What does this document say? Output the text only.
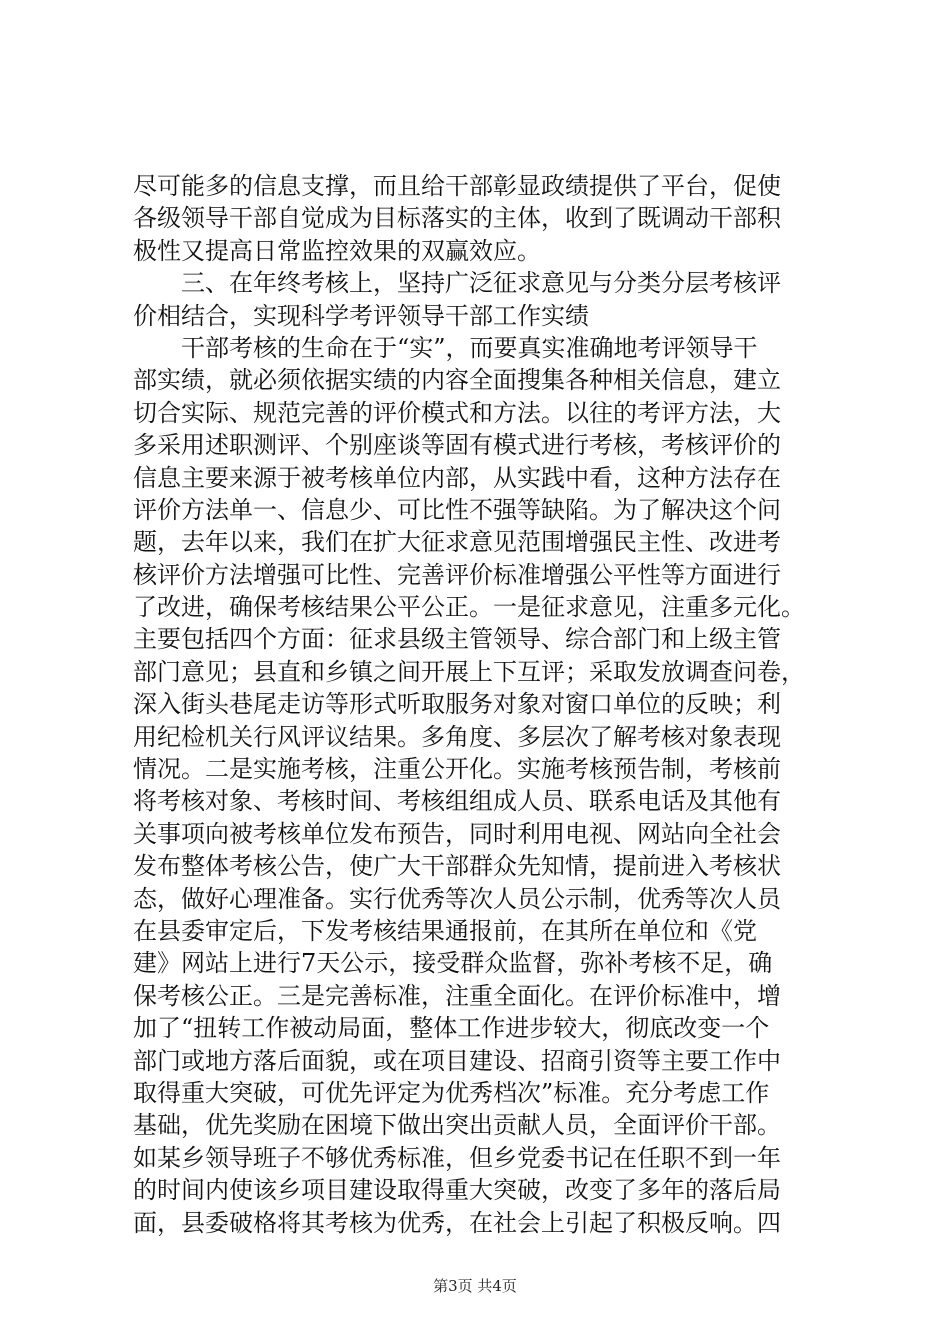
尽可能多的信息支撑，而且给干部彰显政绩提供了平台，促使
各级领导干部自觉成为目标落实的主体，收到了既调动干部积
极性又提高日常监控效果的双赢效应。
　　三、在年终考核上，坚持广泛征求意见与分类分层考核评
价相结合，实现科学考评领导干部工作实绩
　　干部考核的生命在于“实”，而要真实准确地考评领导干
部实绩，就必须依据实绩的内容全面搜集各种相关信息，建立
切合实际、规范完善的评价模式和方法。以往的考评方法，大
多采用述职测评、个别座谈等固有模式进行考核，考核评价的
信息主要来源于被考核单位内部，从实践中看，这种方法存在
评价方法单一、信息少、可比性不强等缺陷。为了解决这个问
题，去年以来，我们在扩大征求意见范围增强民主性、改进考
核评价方法增强可比性、完善评价标准增强公平性等方面进行
了改进，确保考核结果公平公正。一是征求意见，注重多元化。
主要包括四个方面：征求县级主管领导、综合部门和上级主管
部门意见；县直和乡镇之间开展上下互评；采取发放调查问卷，
深入街头巷尾走访等形式听取服务对象对窗口单位的反映；利
用纪检机关行风评议结果。多角度、多层次了解考核对象表现
情况。二是实施考核，注重公开化。实施考核预告制，考核前
将考核对象、考核时间、考核组组成人员、联系电话及其他有
关事项向被考核单位发布预告，同时利用电视、网站向全社会
发布整体考核公告，使广大干部群众先知情，提前进入考核状
态，做好心理准备。实行优秀等次人员公示制，优秀等次人员
在县委审定后，下发考核结果通报前，在其所在单位和《党
建》网站上进行7天公示，接受群众监督，弥补考核不足，确
保考核公正。三是完善标准，注重全面化。在评价标准中，增
加了“扭转工作被动局面，整体工作进步较大，彻底改变一个
部门或地方落后面貌，或在项目建设、招商引资等主要工作中
取得重大突破，可优先评定为优秀档次”标准。充分考虑工作
基础，优先奖励在困境下做出突出贡献人员，全面评价干部。
如某乡领导班子不够优秀标准，但乡党委书记在任职不到一年
的时间内使该乡项目建设取得重大突破，改变了多年的落后局
面，县委破格将其考核为优秀，在社会上引起了积极反响。四
第3页 共4页
